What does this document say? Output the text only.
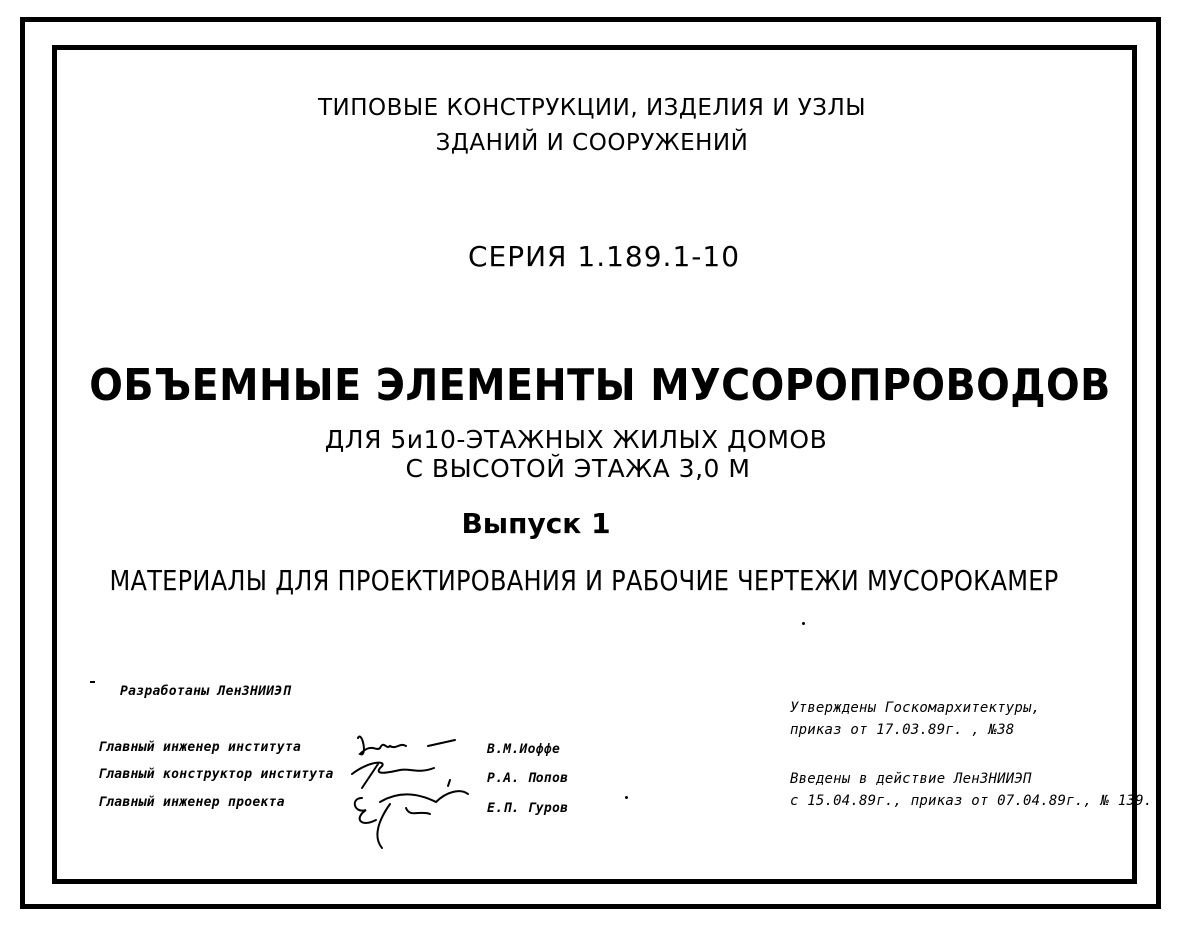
ТИПОВЫЕ КОНСТРУКЦИИ, ИЗДЕЛИЯ И УЗЛЫ
ЗДАНИЙ И СООРУЖЕНИЙ
СЕРИЯ 1.189.1-10
ОБЪЕМНЫЕ ЭЛЕМЕНТЫ МУСОРОПРОВОДОВ
ДЛЯ 5и10-ЭТАЖНЫХ ЖИЛЫХ ДОМОВ
С ВЫСОТОЙ ЭТАЖА 3,0 М
Выпуск 1
МАТЕРИАЛЫ ДЛЯ ПРОЕКТИРОВАНИЯ И РАБОЧИЕ ЧЕРТЕЖИ МУСОРОКАМЕР
Разработаны ЛенЗНИИЭП
Главный инженер института
Главный конструктор института
Главный инженер проекта
В.М.Иоффе
Р.А. Попов
Е.П. Гуров
Утверждены Госкомархитектуры,
приказ от 17.03.89г. , №38
Введены в действие ЛенЗНИИЭП
с 15.04.89г., приказ от 07.04.89г., № 139.
